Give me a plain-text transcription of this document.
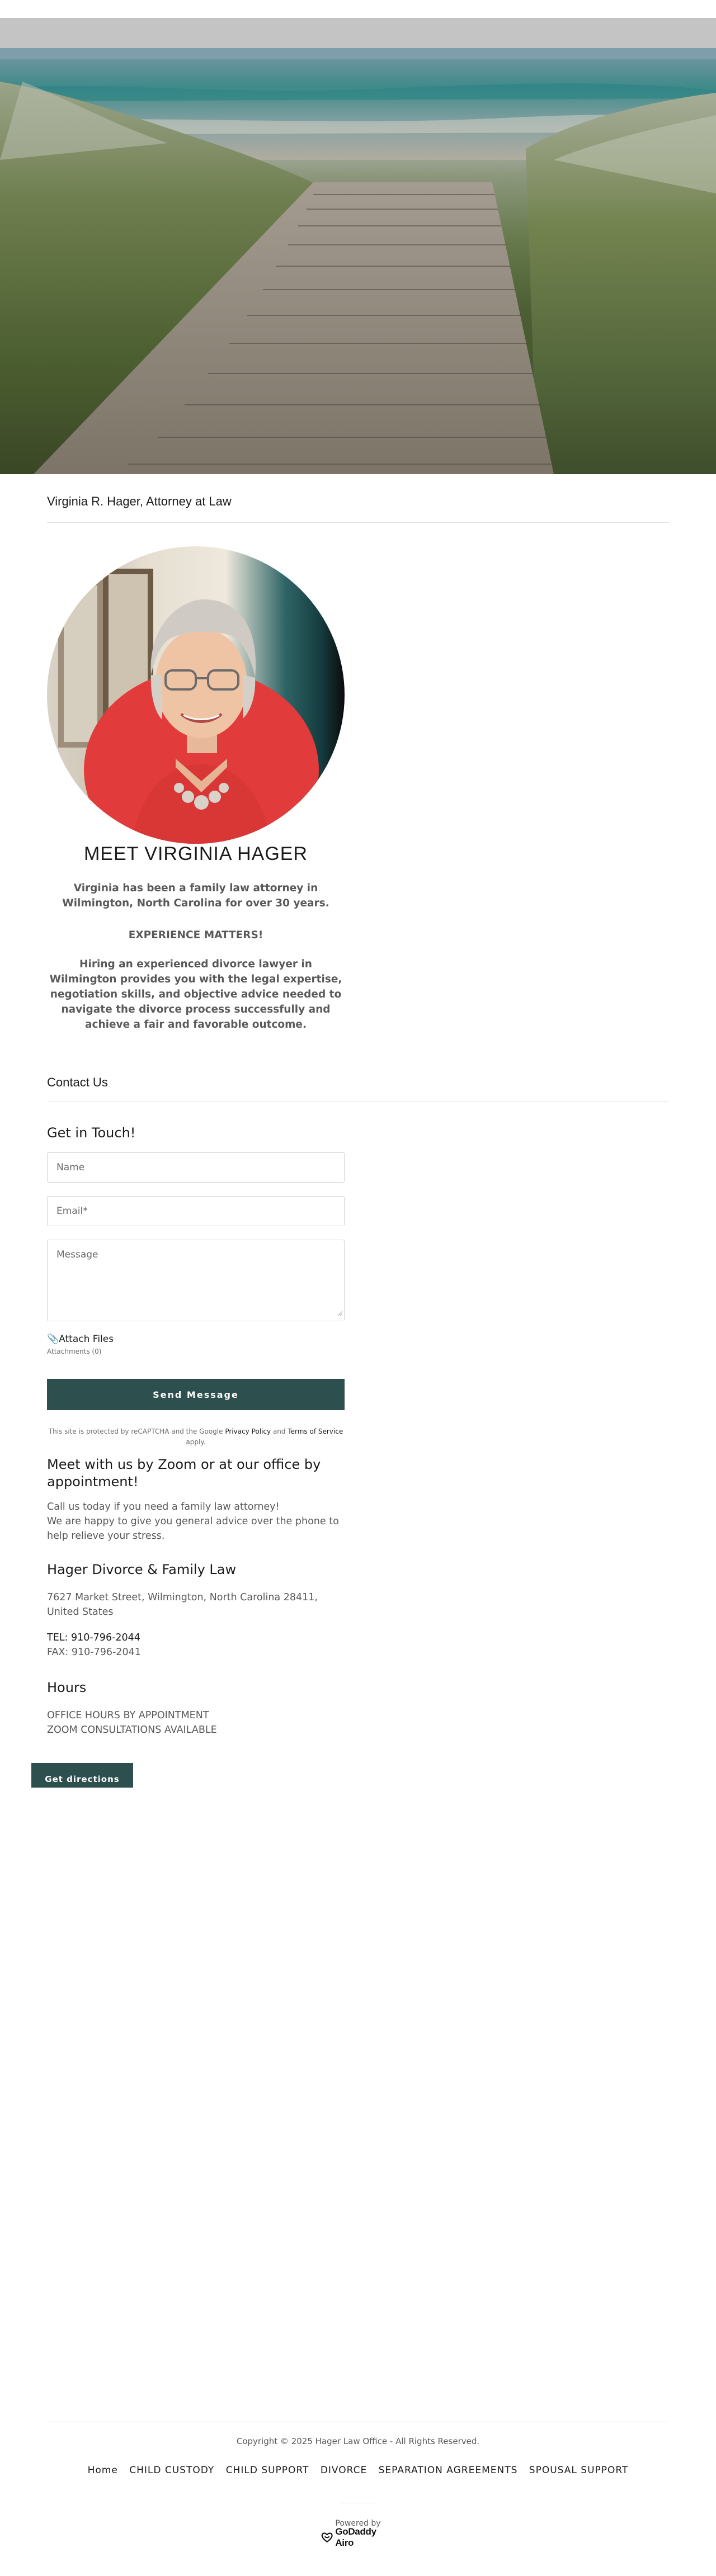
Virginia R. Hager, Attorney at Law
MEET VIRGINIA HAGER
Virginia has been a family law attorney in Wilmington, North Carolina for over 30 years.
EXPERIENCE MATTERS!
Hiring an experienced divorce lawyer in Wilmington provides you with the legal expertise, negotiation skills, and objective advice needed to navigate the divorce process successfully and achieve a fair and favorable outcome.
Contact Us
Get in Touch!
Name
Email*
Message
📎Attach Files
Attachments (0)
Send Message
This site is protected by reCAPTCHA and the Google Privacy Policy and Terms of Service
apply.
Meet with us by Zoom or at our office by appointment!
Call us today if you need a family law attorney!
We are happy to give you general advice over the phone to help relieve your stress.
Hager Divorce & Family Law
7627 Market Street, Wilmington, North Carolina 28411, United States
TEL: 910-796-2044
FAX: 910-796-2041
Hours
OFFICE HOURS BY APPOINTMENT
ZOOM CONSULTATIONS AVAILABLE
Get directions
Copyright © 2025 Hager Law Office - All Rights Reserved.
Home CHILD CUSTODY CHILD SUPPORT DIVORCE SEPARATION AGREEMENTS SPOUSAL SUPPORT
Powered by
GoDaddy Airo
